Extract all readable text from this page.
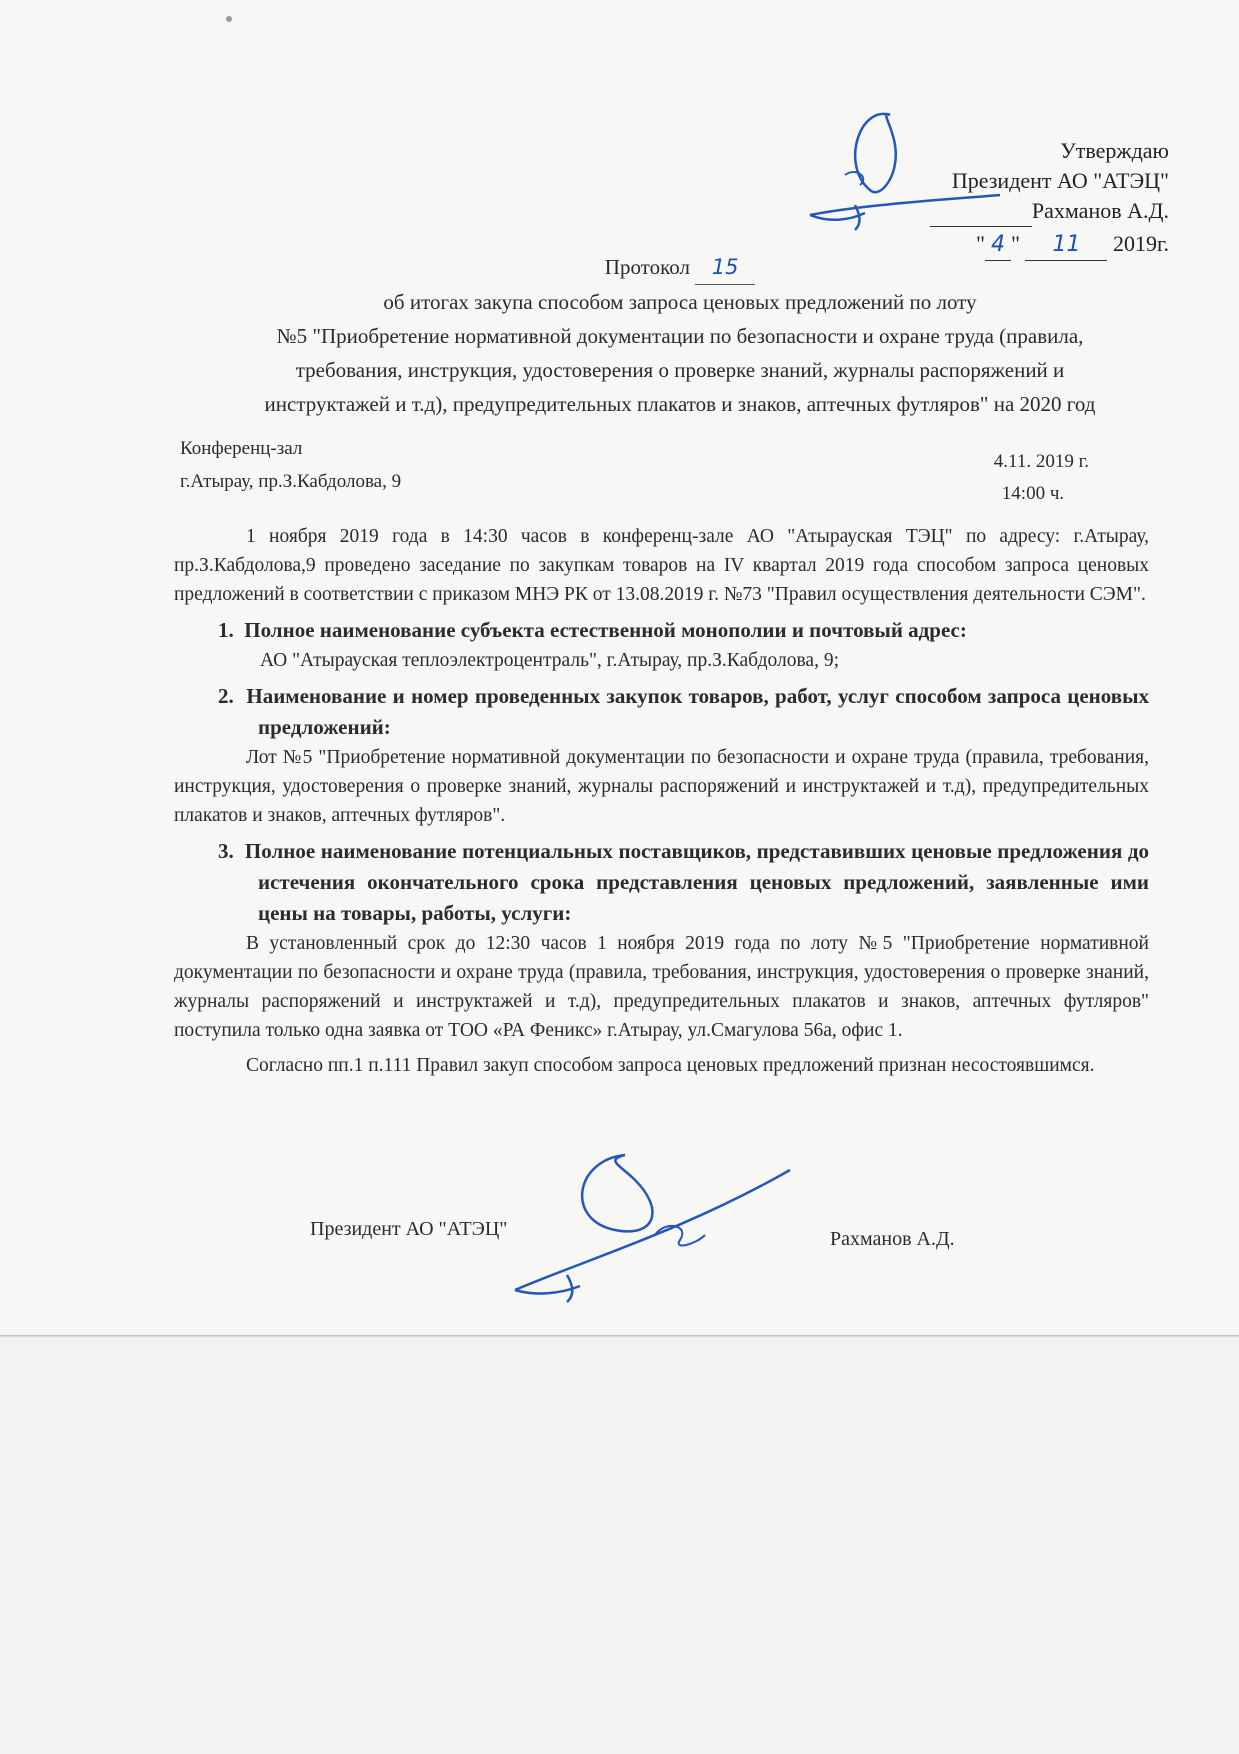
Утверждаю
Президент АО "АТЭЦ"
Рахманов А.Д.
" 4 " 11 2019г.
Протокол 15
об итогах закупа способом запроса ценовых предложений по лоту
№5 "Приобретение нормативной документации по безопасности и охране труда (правила,
требования, инструкция, удостоверения о проверке знаний, журналы распоряжений и
инструктажей и т.д), предупредительных плакатов и знаков, аптечных футляров" на 2020 год
Конференц-зал
г.Атырау, пр.З.Кабдолова, 9
4.11. 2019 г.
14:00 ч.

1 ноября 2019 года в 14:30 часов в конференц-зале АО "Атырауская ТЭЦ" по адресу: г.Атырау, пр.З.Кабдолова,9 проведено заседание по закупкам товаров на IV квартал 2019 года способом запроса ценовых предложений в соответствии с приказом МНЭ РК от 13.08.2019 г. №73 "Правил осуществления деятельности СЭМ".

1. Полное наименование субъекта естественной монополии и почтовый адрес:
АО "Атырауская теплоэлектроцентраль", г.Атырау, пр.З.Кабдолова, 9;
2. Наименование и номер проведенных закупок товаров, работ, услуг способом запроса ценовых предложений:
Лот №5 "Приобретение нормативной документации по безопасности и охране труда (правила, требования, инструкция, удостоверения о проверке знаний, журналы распоряжений и инструктажей и т.д), предупредительных плакатов и знаков, аптечных футляров".
3. Полное наименование потенциальных поставщиков, представивших ценовые предложения до истечения окончательного срока представления ценовых предложений, заявленные ими цены на товары, работы, услуги:
В установленный срок до 12:30 часов 1 ноября 2019 года по лоту №5 "Приобретение нормативной документации по безопасности и охране труда (правила, требования, инструкция, удостоверения о проверке знаний, журналы распоряжений и инструктажей и т.д), предупредительных плакатов и знаков, аптечных футляров" поступила только одна заявка от ТОО «РА Феникс» г.Атырау, ул.Смагулова 56а, офис 1.

Согласно пп.1 п.111 Правил закуп способом запроса ценовых предложений признан несостоявшимся.

Президент АО "АТЭЦ"	Рахманов А.Д.
